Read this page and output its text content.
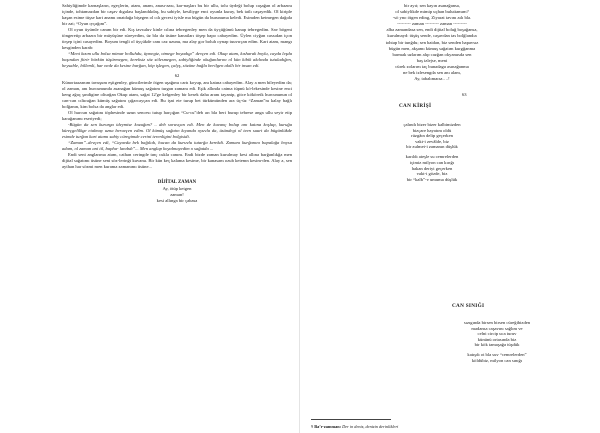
Sahiyliğimde karnaşların, egeçlerin, atam, anam, anası-aası, kar-naşları bu bir ullu, tolu üydeği bolup caşağan ol arbazını içinde, tohtamazdan bir caşav dıgalası başlandıkdaş, bu sabiyle, kesiliyge enci oyunla kuray, bek tatlı caşayedik. Ol kiriple kaşan esime tüşse kart anamı onatdağa bişegen ol cılı gecesi iyisle ma bügün da burunuma keledi. Esimden ketmegen dağıda bir zat; “Oyun ıyçağım”.

Ol oyun üyümle canım bir edi. Kış tavsuluv kinle cılına tebregenley men da üyçüğümü kanap tebregedim. Sav bögeni töngeretip arbazın bir müyüşüne süreyedim, üz bla da üsüne kanatları töşep bapo cabayedim. Üylen ciyğan cassıdan içon tirşep içini casayedim. Boyum tengli ol üyçükde canı caz uzunu, ma alay gor boluh oynap tuuvırçan edim. Kart atam, mangı kesginden karab:

“Meni kızım ullu bolsa mimar bolluhdu, üymegiz, otmege boyadıgı” devçen edi. Okup atam, kısharak boylu, cayda leşda başından fitrir bürkün tüşürmegen, kereksiz söz sölesmegen, sabiyliğinde okuğanlarını ol kün kibik akılında tutuladığen, heysable, billemli, har nede da kesine barğan, köp işlegen, çalyş, sözüne bağla berilgen akıllı bir insan edi.

62

Künortaazanım tavuşum eşitgenley, güncilerimle ötgen uşağımı cartı koyup, anı katına cabayedim. Alay a men bileyedim da; ol zaman, anı hurcumunda asanağan kümuş sağatım turgan zamanı edi. Eşik allında catma tüpnü kö-lekesinde kesine enci keng ağaç şındigine olturğan Okup atam, sağat 12'ge kelgenley bir kesek daha aranı tayanip, gitce kököreik hurcununun ol can-can cıltırağan kümüş sağatım çığarcayçan edi. Bu işni ete turup bet türkümünden ara üç-üz “Zaman”nı kalay bağlı bolğanın, kim bolsa da anglar edi.

Ol hurcun sağatını töphesinde uzun sencesı tutup harçığan “Cu-cu”deb arı bla beri burup tebrese anga ullu seyir etip karağanımı eseriyedi;

-Bügün da sen kururga ideymise kozuğım? .. deb soruvçan edi. Men de kuvanç bolup anı katına koşlup, kuruğa küreçgelilkge etalmay uzna beruvçen edim. Ol kümüş sağatın kıyanda oyuvla da, üsündegi ol teen suurt da bügünlükde esimde turğan kart atamı sabiy cüregimde cerini terenligini bolgisidi.

“Zaman”..devçen edi, “Cayavda bek bağılıdı, hucan da kuruvlu tutarğa kerekdi. Zamanı kurğanını bapalağa boysa adam, ol zaman ani til, bapha- lanıbdı”... Men anglap koyalmayedim o sağatda ...

Endi seni anglarıma atam, cathan ceringde tınç cukla canım. Endi bizde zaman kurulmay kesi allına barğanlıkğa men dijital sağatımı üsüne seni söz-lerinği kuvanu. Bir kün keç kalama kesime, bir kanasam ozub ketemn kesim-den. Alay a, sen aythan har sözmi men kurama zamanımı üsüne...

DİJİTAL ZAMAN
Ay, ötüp ketgen
zaman!
kesi allınga bir çabasa
bir ayıt; sen kayın asanağansa,
ol sabiylikde mimip uçhan buluttamım?
-sö yno ötgen eding, Ziyarat tavını aılı bla.
--------- zaman --------- zaman ---------
alba zamandasa sen, endi dijital boluğ boşağansa,
kurulmayd: tüşüş sende, caşavdan tas bolğlandıa
tohtap bir tunğdu; sen baidan, biz senden hapavsız
bügün men, akşamı kümuş sağatım kurgğanma
barmak uzlarım alıp cazğan okyanusda sen
baş izlejse, meni
cürek zolarım taç bunadaga asınağanma
ne bek izlesengda sen anı alam,
Ay, tabalımaısa….!
63
CAN KİRİŞİ
çalındı bizer bizer kalbimizden
bizçare hayatım oldü
rüzgâın delip geçerken
vakt-i zevâlde, biz
bir zulmet-i zamanın düşlük
karıldı ateşle su cemrelerden
içimiz milyon can kırığı
hakan deriyi geçerken
vakt-i gözde, biz
bir “kalb”-v umuma düşlük
CAN SINIĞI
sızıgında birsen birsen cüreğibizden
madansa caşavını sağlım ve
celni circip uca turuv
kününü ortasında biz
bir kök tamaşağa tüşdük
katışdı ot bla suv “cemrelerden”
köldübiz, milyon can sınığı
9 Ba’r-zamman: Der in deniz, denizin derinlikleri
